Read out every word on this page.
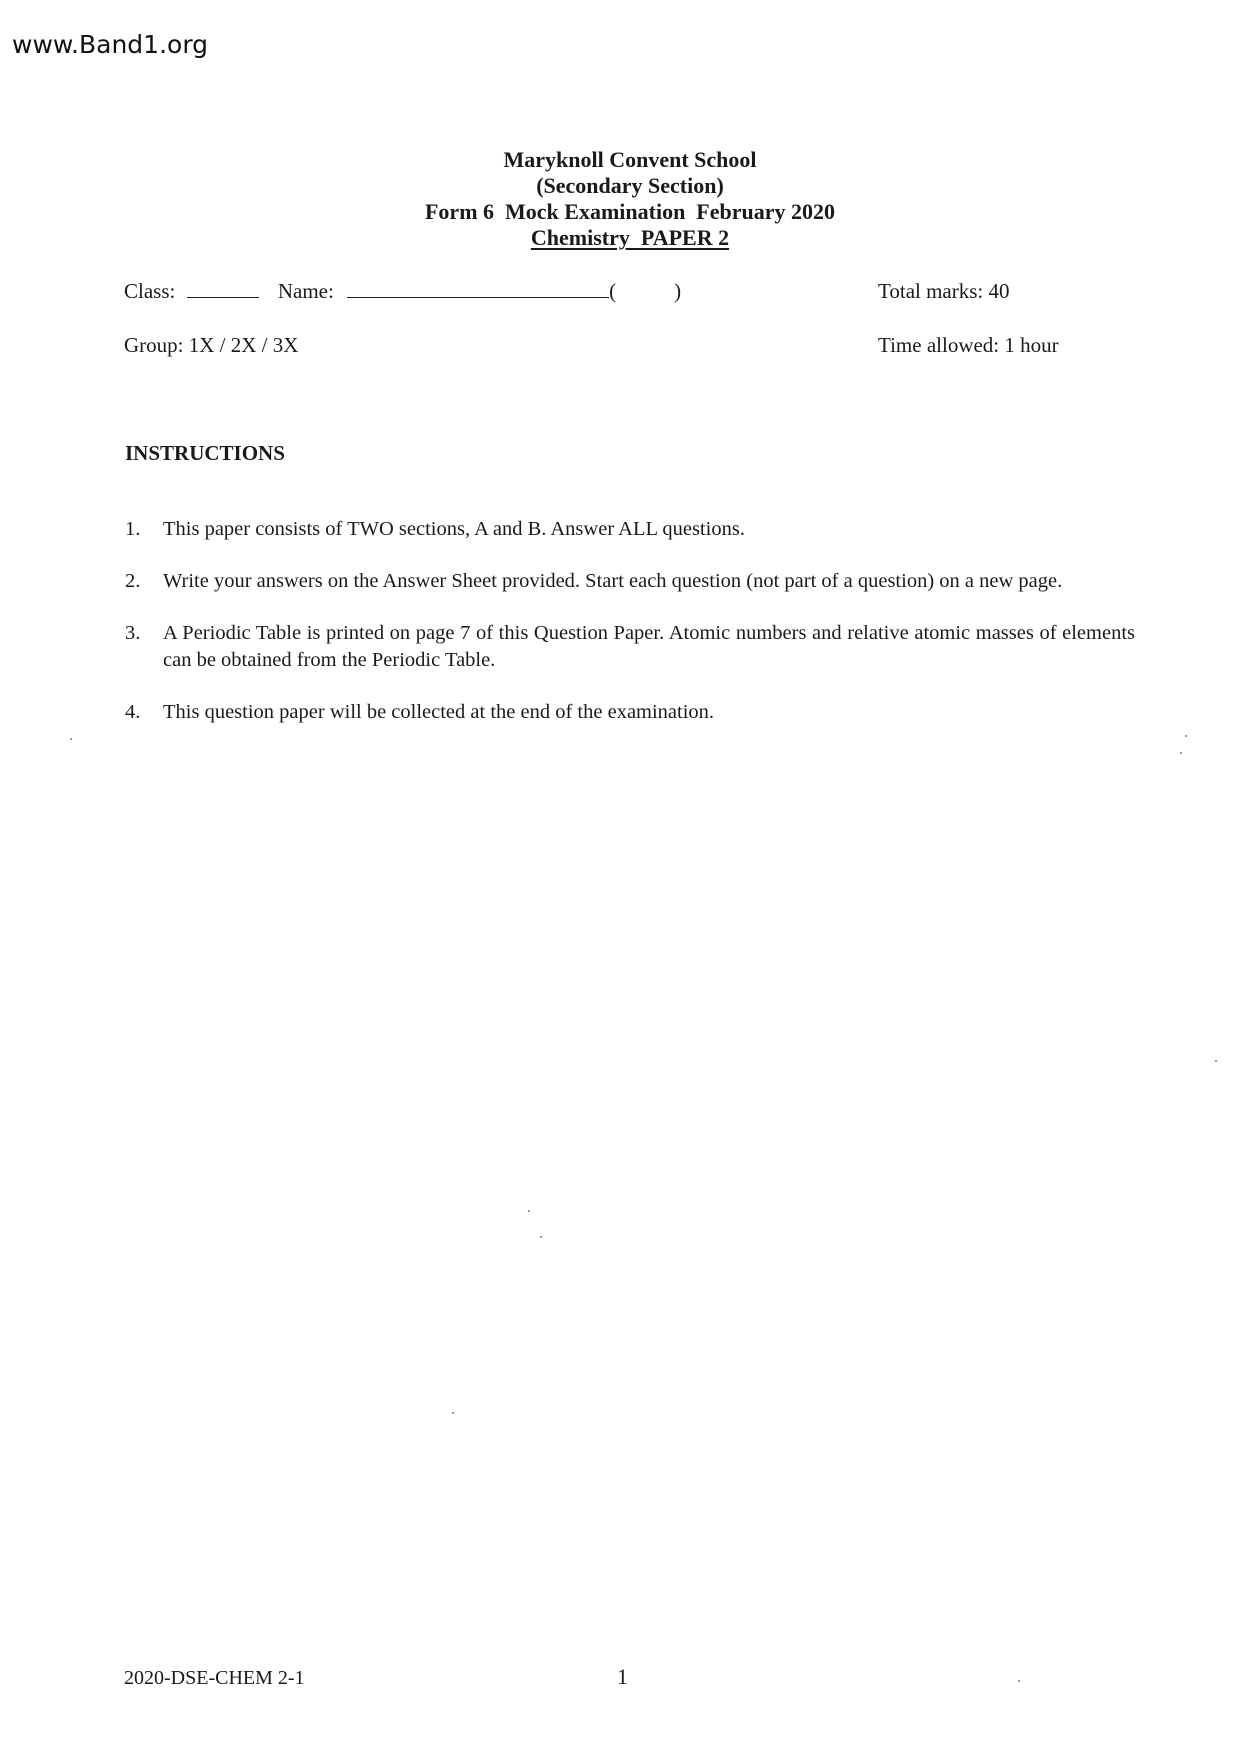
www.Band1.org
Maryknoll Convent School
(Secondary Section)
Form 6  Mock Examination  February 2020
Chemistry  PAPER 2
Class:	Name:	(	)	Total marks: 40
Group: 1X / 2X / 3X	Time allowed: 1 hour
INSTRUCTIONS
1.	This paper consists of TWO sections, A and B. Answer ALL questions.
2.	Write your answers on the Answer Sheet provided. Start each question (not part of a question) on a new page.
3.	A Periodic Table is printed on page 7 of this Question Paper. Atomic numbers and relative atomic masses of elements can be obtained from the Periodic Table.
4.	This question paper will be collected at the end of the examination.
2020-DSE-CHEM 2-1	1
